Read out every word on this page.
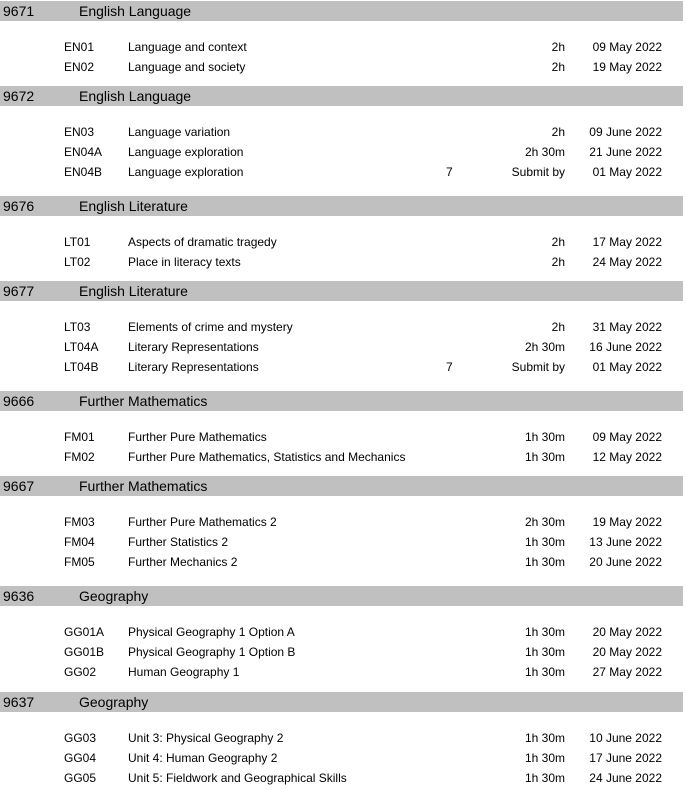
9671	English Language
EN01	Language and context	2h 09 May 2022
EN02	Language and society	2h 19 May 2022
9672	English Language
EN03	Language variation	2h 09 June 2022
EN04A Language exploration	2h 30m 21 June 2022
EN04B Language exploration	7	Submit by 01 May 2022
9676	English Literature
LT01	Aspects of dramatic tragedy	2h 17 May 2022
LT02	Place in literacy texts	2h 24 May 2022
9677	English Literature
LT03	Elements of crime and mystery	2h 31 May 2022
LT04A Literary Representations	2h 30m 16 June 2022
LT04B Literary Representations	7	Submit by 01 May 2022
9666	Further Mathematics
FM01	Further Pure Mathematics	1h 30m 09 May 2022
FM02	Further Pure Mathematics, Statistics and Mechanics	1h 30m 12 May 2022
9667	Further Mathematics
FM03	Further Pure Mathematics 2	2h 30m 19 May 2022
FM04	Further Statistics 2	1h 30m 13 June 2022
FM05	Further Mechanics 2	1h 30m 20 June 2022
9636	Geography
GG01A Physical Geography 1 Option A	1h 30m 20 May 2022
GG01B Physical Geography 1 Option B	1h 30m 20 May 2022
GG02	Human Geography 1	1h 30m 27 May 2022
9637	Geography
GG03	Unit 3: Physical Geography 2	1h 30m 10 June 2022
GG04	Unit 4: Human Geography 2	1h 30m 17 June 2022
GG05	Unit 5: Fieldwork and Geographical Skills	1h 30m 24 June 2022
